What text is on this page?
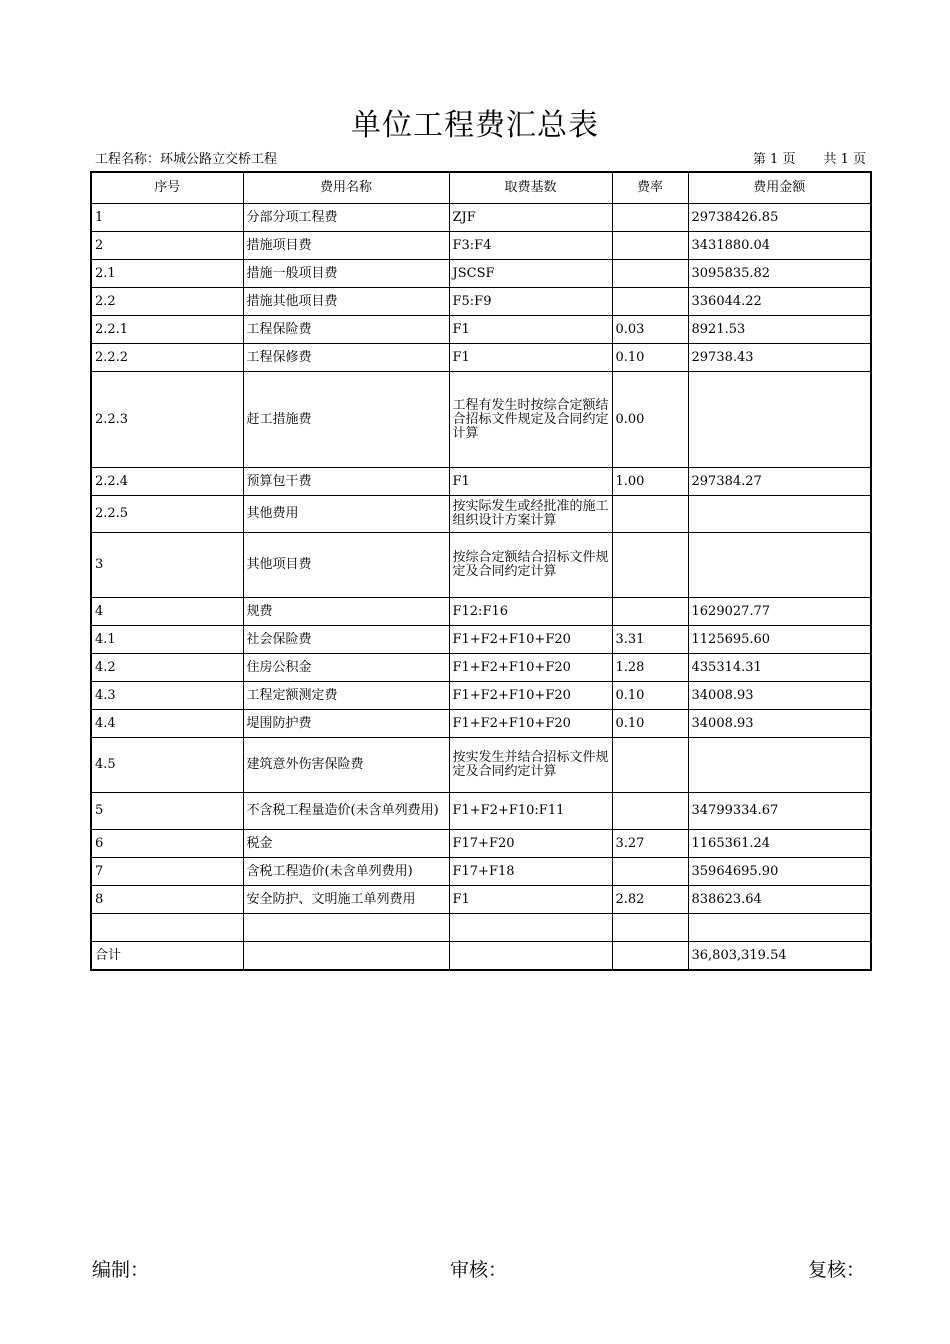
单位工程费汇总表
工程名称：环城公路立交桥工程	第 1 页 共 1 页
序号	费用名称	取费基数	费率	费用金额
1	分部分项工程费	ZJF		29738426.85
2	措施项目费	F3:F4		3431880.04
2.1	措施一般项目费	JSCSF		3095835.82
2.2	措施其他项目费	F5:F9		336044.22
2.2.1	工程保险费	F1	0.03	8921.53
2.2.2	工程保修费	F1	0.10	29738.43
2.2.3	赶工措施费	工程有发生时按综合定额结合招标文件规定及合同约定计算	0.00	
2.2.4	预算包干费	F1	1.00	297384.27
2.2.5	其他费用	按实际发生或经批准的施工组织设计方案计算		
3	其他项目费	按综合定额结合招标文件规定及合同约定计算		
4	规费	F12:F16		1629027.77
4.1	社会保险费	F1+F2+F10+F20	3.31	1125695.60
4.2	住房公积金	F1+F2+F10+F20	1.28	435314.31
4.3	工程定额测定费	F1+F2+F10+F20	0.10	34008.93
4.4	堤围防护费	F1+F2+F10+F20	0.10	34008.93
4.5	建筑意外伤害保险费	按实发生并结合招标文件规定及合同约定计算		
5	不含税工程量造价(未含单列费用)	F1+F2+F10:F11		34799334.67
6	税金	F17+F20	3.27	1165361.24
7	含税工程造价(未含单列费用)	F17+F18		35964695.90
8	安全防护、文明施工单列费用	F1	2.82	838623.64

合计				36,803,319.54
编制：	审核：	复核：
